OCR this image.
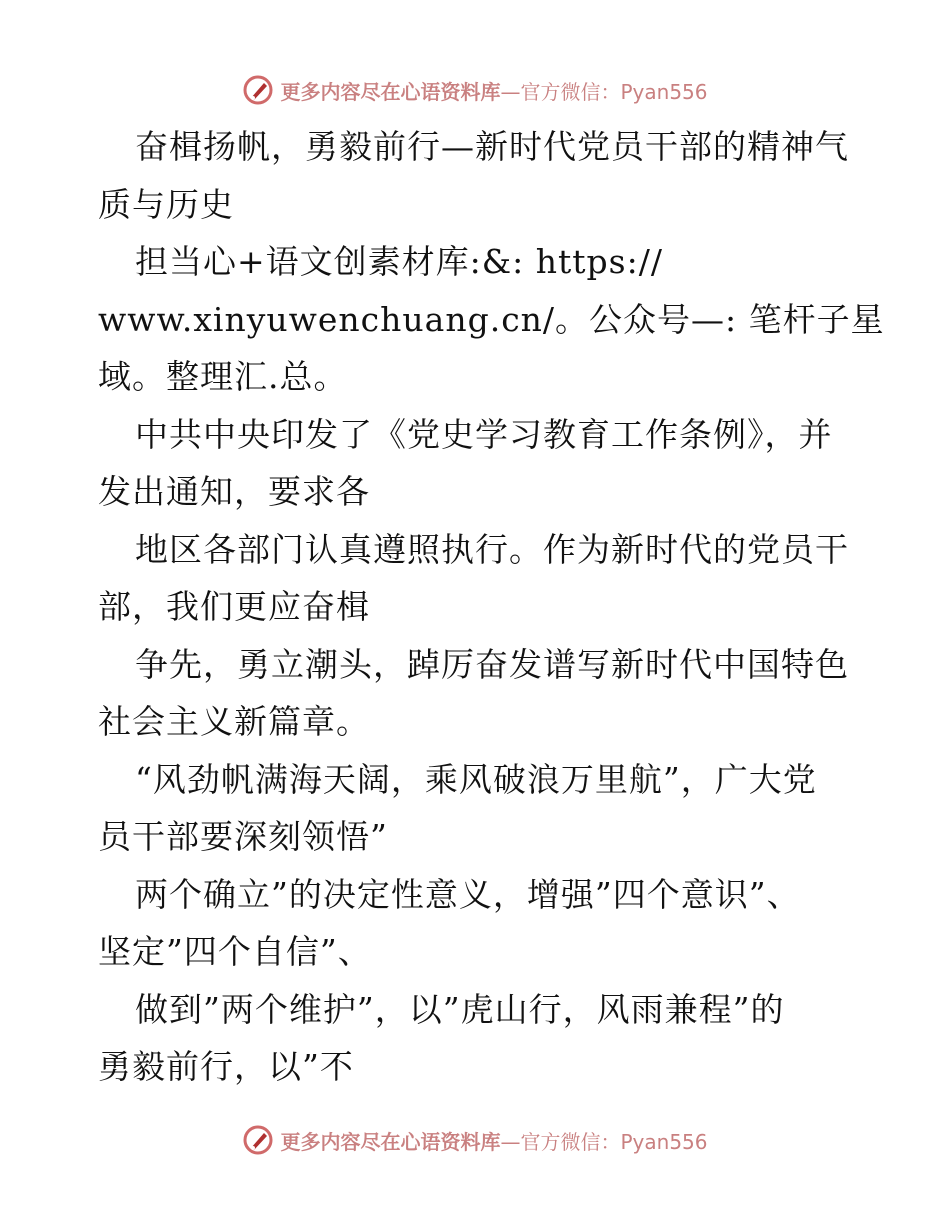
更多内容尽在心语资料库—官方微信：Pyan556
奋楫扬帆，勇毅前行—新时代党员干部的精神气
质与历史
担当心+语文创素材库:&: https://
www.xinyuwenchuang.cn/。公众号—: 笔杆子星
域。整理汇.总。
中共中央印发了《党史学习教育工作条例》，并
发出通知，要求各
地区各部门认真遵照执行。作为新时代的党员干
部，我们更应奋楫
争先，勇立潮头，踔厉奋发谱写新时代中国特色
社会主义新篇章。
“风劲帆满海天阔，乘风破浪万里航”，广大党
员干部要深刻领悟”
两个确立”的决定性意义，增强”四个意识”、
坚定”四个自信”、
做到”两个维护”，以”虎山行，风雨兼程”的
勇毅前行，以”不
更多内容尽在心语资料库—官方微信：Pyan556
